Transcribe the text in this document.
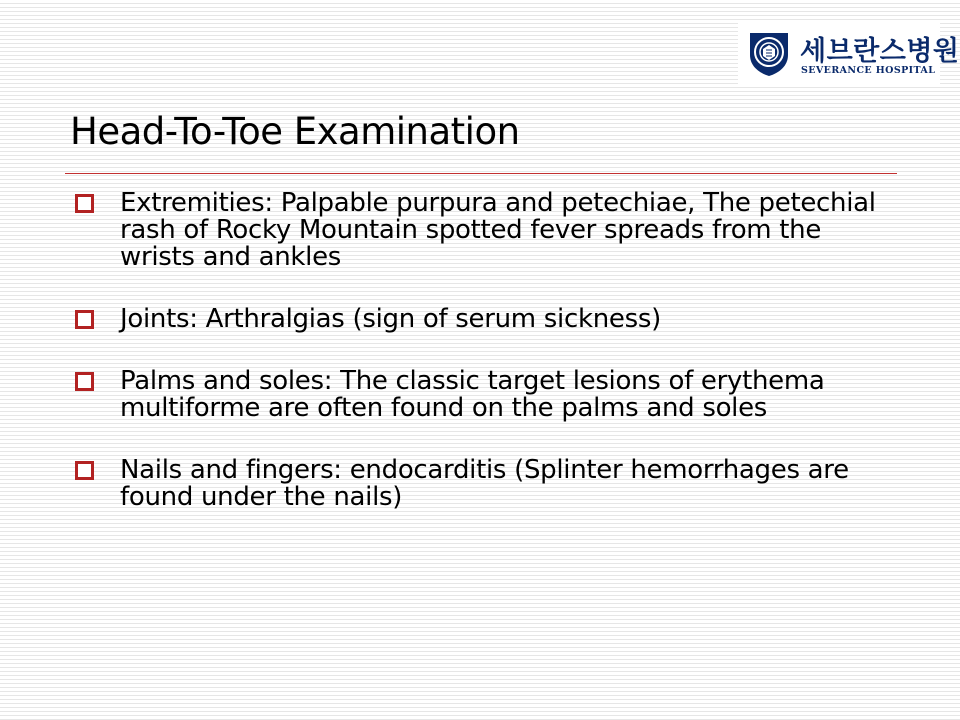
세브란스병원
SEVERANCE HOSPITAL
Head-To-Toe Examination
Extremities: Palpable purpura and petechiae, The petechial rash of Rocky Mountain spotted fever spreads from the wrists and ankles
Joints: Arthralgias (sign of serum sickness)
Palms and soles: The classic target lesions of erythema multiforme are often found on the palms and soles
Nails and fingers: endocarditis (Splinter hemorrhages are found under the nails)
